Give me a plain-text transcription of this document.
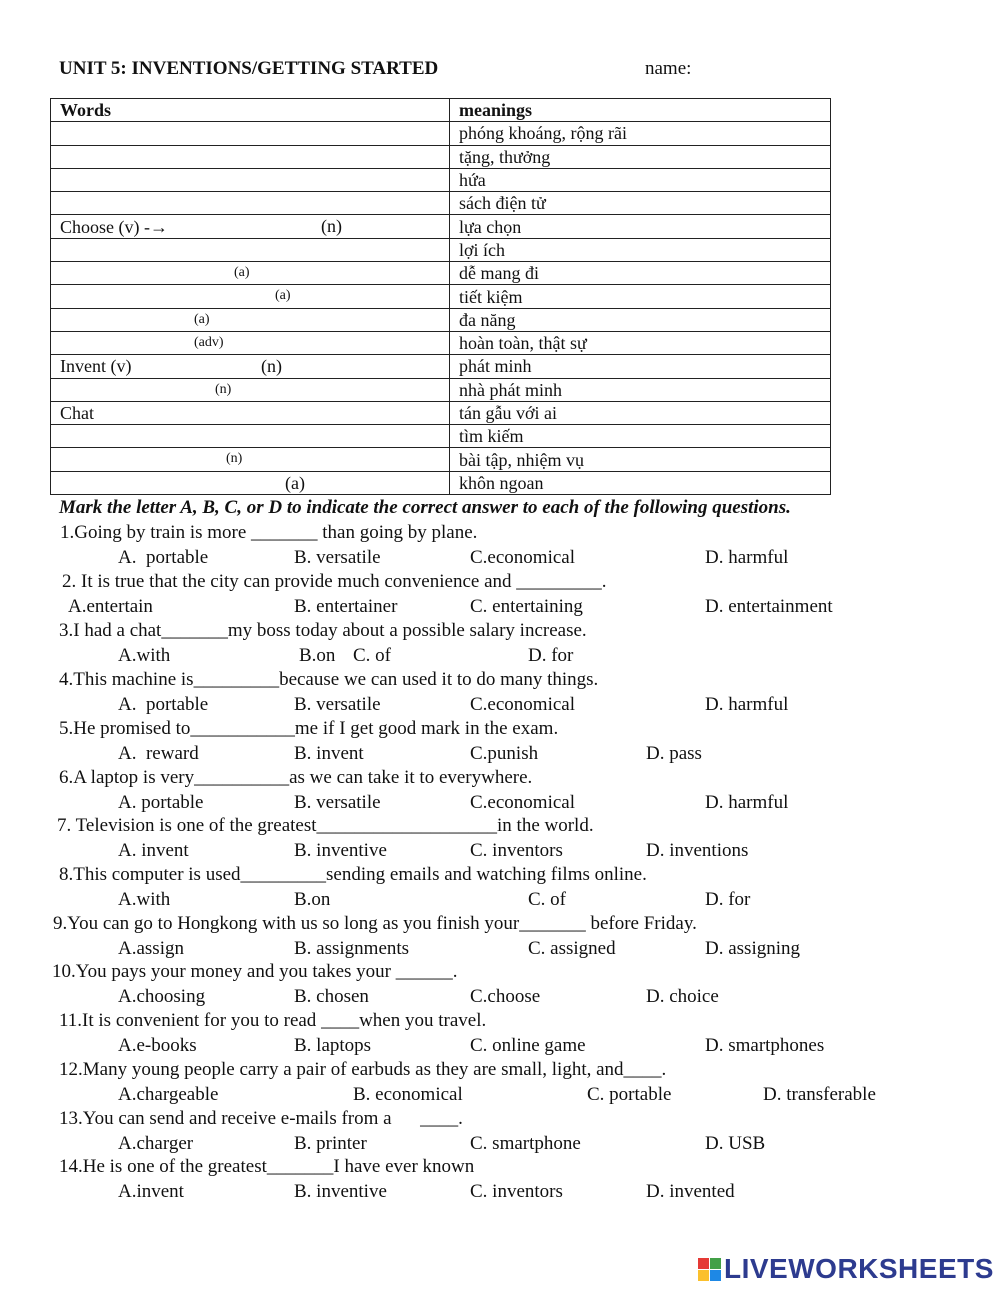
UNIT 5: INVENTIONS/GETTING STARTED	name:
Words	meanings
	phóng khoáng, rộng rãi
	tặng, thưởng
	hứa
	sách điện tử
Choose (v) -→ (n)	lựa chọn
	lợi ích

(a)	dễ mang đi

(a)	tiết kiệm

(a)	đa năng

(adv)	hoàn toàn, thật sự
Invent (v) (n)	phát minh

(n)	nhà phát minh
Chat	tán gẫu với ai
	tìm kiếm

(n)	bài tập, nhiệm vụ

(a)	khôn ngoan
Mark the letter A, B, C, or D to indicate the correct answer to each of the following questions.
1.Going by train is more _______ than going by plane.
A.  portable	B. versatile	C.economical	D. harmful
2. It is true that the city can provide much convenience and _________.
A.entertain	B. entertainer	C. entertaining	D. entertainment
3.I had a chat_______my boss today about a possible salary increase.
A.with	B.on C. of	D. for
4.This machine is_________because we can used it to do many things.
A.  portable	B. versatile	C.economical	D. harmful
5.He promised to___________me if I get good mark in the exam.
A.  reward	B. invent	C.punish	D. pass
6.A laptop is very__________as we can take it to everywhere.
A. portable	B. versatile	C.economical	D. harmful
7. Television is one of the greatest___________________in the world.
A. invent	B. inventive	C. inventors	D. inventions
8.This computer is used_________sending emails and watching films online.
A.with	B.on	C. of	D. for
9.You can go to Hongkong with us so long as you finish your_______ before Friday.
A.assign	B. assignments	C. assigned	D. assigning
10.You pays your money and you takes your ______.
A.choosing	B. chosen	C.choose	D. choice
11.It is convenient for you to read ____when you travel.
A.e-books	B. laptops	C. online game	D. smartphones
12.Many young people carry a pair of earbuds as they are small, light, and____.
A.chargeable	B. economical	C. portable	D. transferable
13.You can send and receive e-mails from a      ____.
A.charger	B. printer	C. smartphone	D. USB
14.He is one of the greatest_______I have ever known
A.invent	B. inventive	C. inventors	D. invented
LIVEWORKSHEETS
